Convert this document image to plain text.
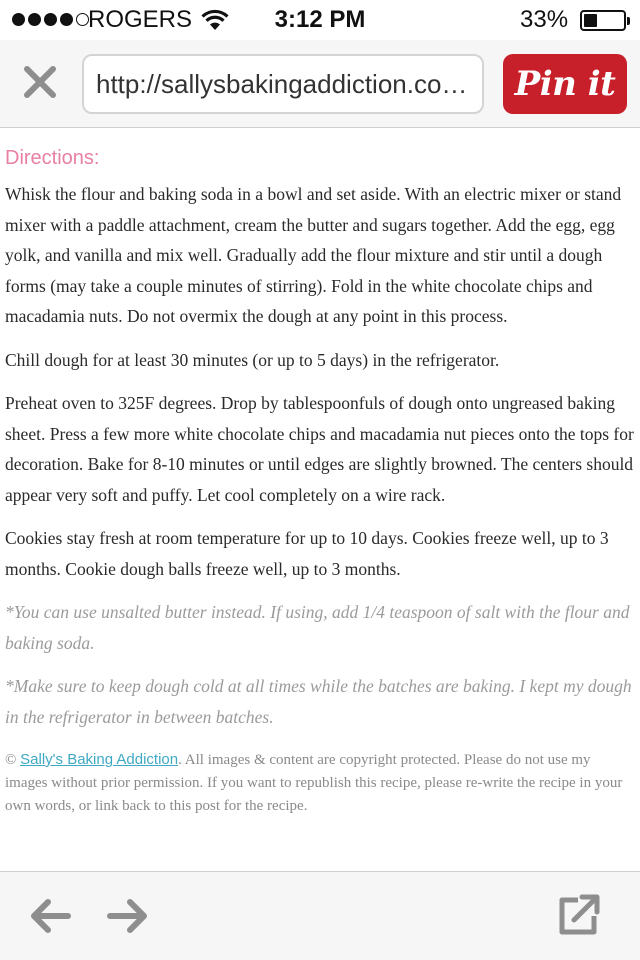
ROGERS	3:12 PM	33%
http://sallysbakingaddiction.co… Pin it
Directions:

Whisk the flour and baking soda in a bowl and set aside. With an electric mixer or stand mixer with a paddle attachment, cream the butter and sugars together. Add the egg, egg yolk, and vanilla and mix well. Gradually add the flour mixture and stir until a dough forms (may take a couple minutes of stirring). Fold in the white chocolate chips and macadamia nuts. Do not overmix the dough at any point in this process.

Chill dough for at least 30 minutes (or up to 5 days) in the refrigerator.

Preheat oven to 325F degrees. Drop by tablespoonfuls of dough onto ungreased baking sheet. Press a few more white chocolate chips and macadamia nut pieces onto the tops for decoration. Bake for 8-10 minutes or until edges are slightly browned. The centers should appear very soft and puffy. Let cool completely on a wire rack.

Cookies stay fresh at room temperature for up to 10 days. Cookies freeze well, up to 3 months. Cookie dough balls freeze well, up to 3 months.

*You can use unsalted butter instead. If using, add 1/4 teaspoon of salt with the flour and baking soda.

*Make sure to keep dough cold at all times while the batches are baking. I kept my dough in the refrigerator in between batches.

© Sally's Baking Addiction. All images & content are copyright protected. Please do not use my images without prior permission. If you want to republish this recipe, please re-write the recipe in your own words, or link back to this post for the recipe.
